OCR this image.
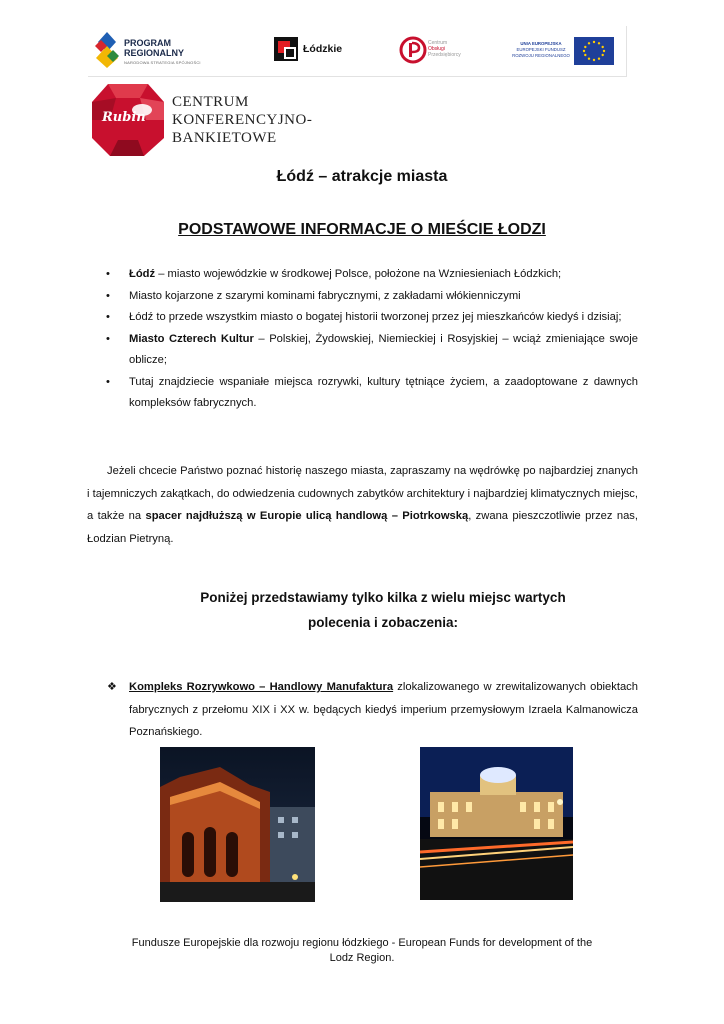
PROGRAM
REGIONALNY
NARODOWA STRATEGIA SPÓJNOŚCI
Łódzkie	Centrum
Obsługi
Przedsiębiorcy
UNIA EUROPEJSKA
EUROPEJSKI FUNDUSZ
ROZWOJU REGIONALNEGO
Rubin
CENTRUM
KONFERENCYJNO-
BANKIETOWE
Łódź – atrakcje miasta
PODSTAWOWE INFORMACJE O MIEŚCIE ŁODZI
• Łódź – miasto wojewódzkie w środkowej Polsce, położone na Wzniesieniach Łódzkich;
• Miasto kojarzone z szarymi kominami fabrycznymi, z zakładami włókienniczymi
• Łódź to przede wszystkim miasto o bogatej historii tworzonej przez jej mieszkańców kiedyś i dzisiaj;
• Miasto Czterech Kultur – Polskiej, Żydowskiej, Niemieckiej i Rosyjskiej – wciąż zmieniające swoje oblicze;
• Tutaj znajdziecie wspaniałe miejsca rozrywki, kultury tętniące życiem, a zaadoptowane z dawnych kompleksów fabrycznych.

Jeżeli chcecie Państwo poznać historię naszego miasta, zapraszamy na wędrówkę po najbardziej znanych i tajemniczych zakątkach, do odwiedzenia cudownych zabytków architektury i najbardziej klimatycznych miejsc, a także na spacer najdłuższą w Europie ulicą handlową – Piotrkowską, zwana pieszczotliwie przez nas, Łodzian Pietryną.

Poniżej przedstawiamy tylko kilka z wielu miejsc wartych
polecenia i zobaczenia:
❖	Kompleks Rozrywkowo – Handlowy Manufaktura zlokalizowanego w zrewitalizowanych obiektach fabrycznych z przełomu XIX i XX w. będących kiedyś imperium przemysłowym Izraela Kalmanowicza Poznańskiego.
Fundusze Europejskie dla rozwoju regionu łódzkiego - European Funds for development of the
Lodz Region.
